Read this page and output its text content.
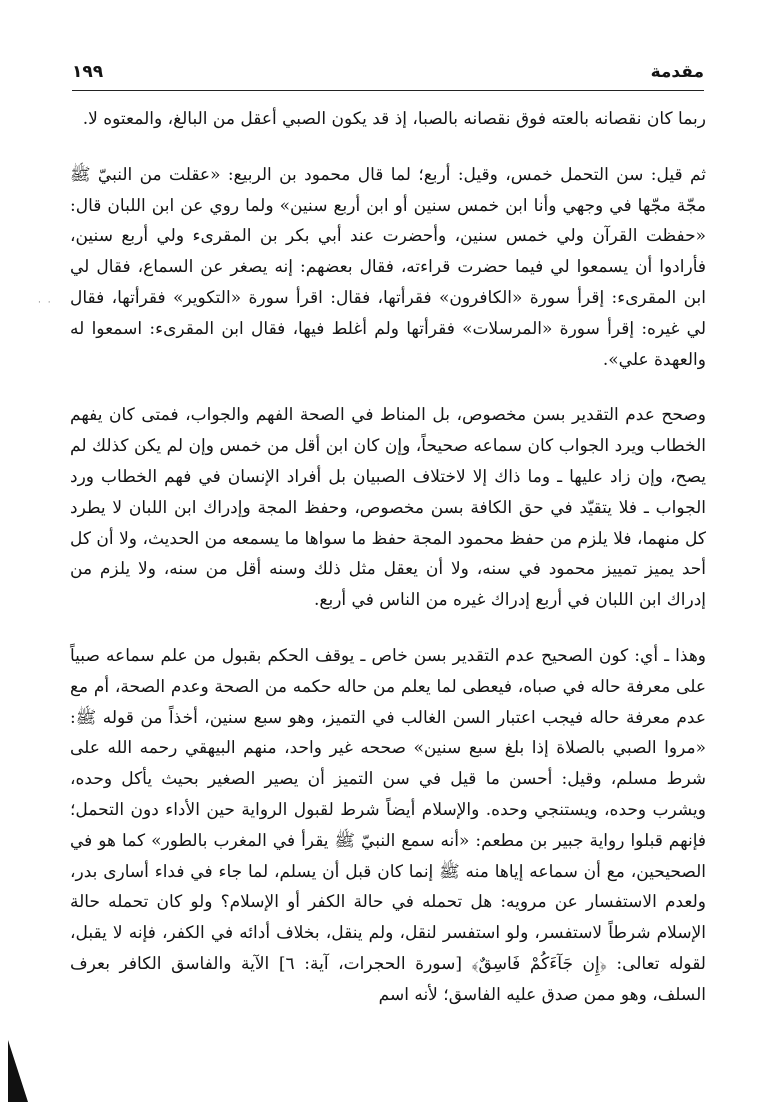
١٩٩	مقدمة

ربما كان نقصانه بالعته فوق نقصانه بالصبا، إذ قد يكون الصبي أعقل من البالغ، والمعتوه لا.

ثم قيل: سن التحمل خمس، وقيل: أربع؛ لما قال محمود بن الربيع: «عقلت من النبيّ ﷺ مجّة مجّها في وجهي وأنا ابن خمس سنين أو ابن أربع سنين» ولما روي عن ابن اللبان قال: «حفظت القرآن ولي خمس سنين، وأحضرت عند أبي بكر بن المقرىء ولي أربع سنين، فأرادوا أن يسمعوا لي فيما حضرت قراءته، فقال بعضهم: إنه يصغر عن السماع، فقال لي ابن المقرىء: إقرأ سورة «الكافرون» فقرأتها، فقال: اقرأ سورة «التكوير» فقرأتها، فقال لي غيره: إقرأ سورة «المرسلات» فقرأتها ولم أغلط فيها، فقال ابن المقرىء: اسمعوا له والعهدة علي».

وصحح عدم التقدير بسن مخصوص، بل المناط في الصحة الفهم والجواب، فمتى كان يفهم الخطاب ويرد الجواب كان سماعه صحيحاً، وإن كان ابن أقل من خمس وإن لم يكن كذلك لم يصح، وإن زاد عليها ـ وما ذاك إلا لاختلاف الصبيان بل أفراد الإنسان في فهم الخطاب ورد الجواب ـ فلا يتقيّد في حق الكافة بسن مخصوص، وحفظ المجة وإدراك ابن اللبان لا يطرد كل منهما، فلا يلزم من حفظ محمود المجة حفظ ما سواها ما يسمعه من الحديث، ولا أن كل أحد يميز تمييز محمود في سنه، ولا أن يعقل مثل ذلك وسنه أقل من سنه، ولا يلزم من إدراك ابن اللبان في أربع إدراك غيره من الناس في أربع.

وهذا ـ أي: كون الصحيح عدم التقدير بسن خاص ـ يوقف الحكم بقبول من علم سماعه صبياً على معرفة حاله في صباه، فيعطى لما يعلم من حاله حكمه من الصحة وعدم الصحة، أم مع عدم معرفة حاله فيجب اعتبار السن الغالب في التميز، وهو سبع سنين، أخذاً من قوله ﷺ: «مروا الصبي بالصلاة إذا بلغ سبع سنين» صححه غير واحد، منهم البيهقي رحمه الله على شرط مسلم، وقيل: أحسن ما قيل في سن التميز أن يصير الصغير بحيث يأكل وحده، ويشرب وحده، ويستنجي وحده. والإسلام أيضاً شرط لقبول الرواية حين الأداء دون التحمل؛ فإنهم قبلوا رواية جبير بن مطعم: «أنه سمع النبيّ ﷺ يقرأ في المغرب بالطور» كما هو في الصحيحين، مع أن سماعه إياها منه ﷺ إنما كان قبل أن يسلم، لما جاء في فداء أسارى بدر، ولعدم الاستفسار عن مرويه: هل تحمله في حالة الكفر أو الإسلام؟ ولو كان تحمله حالة الإسلام شرطاً لاستفسر، ولو استفسر لنقل، ولم ينقل، بخلاف أدائه في الكفر، فإنه لا يقبل، لقوله تعالى: ﴿إِن جَآءَكُمْ فَاسِقٌ﴾ [سورة الحجرات، آية: ٦] الآية والفاسق الكافر بعرف السلف، وهو ممن صدق عليه الفاسق؛ لأنه اسم

· ·
